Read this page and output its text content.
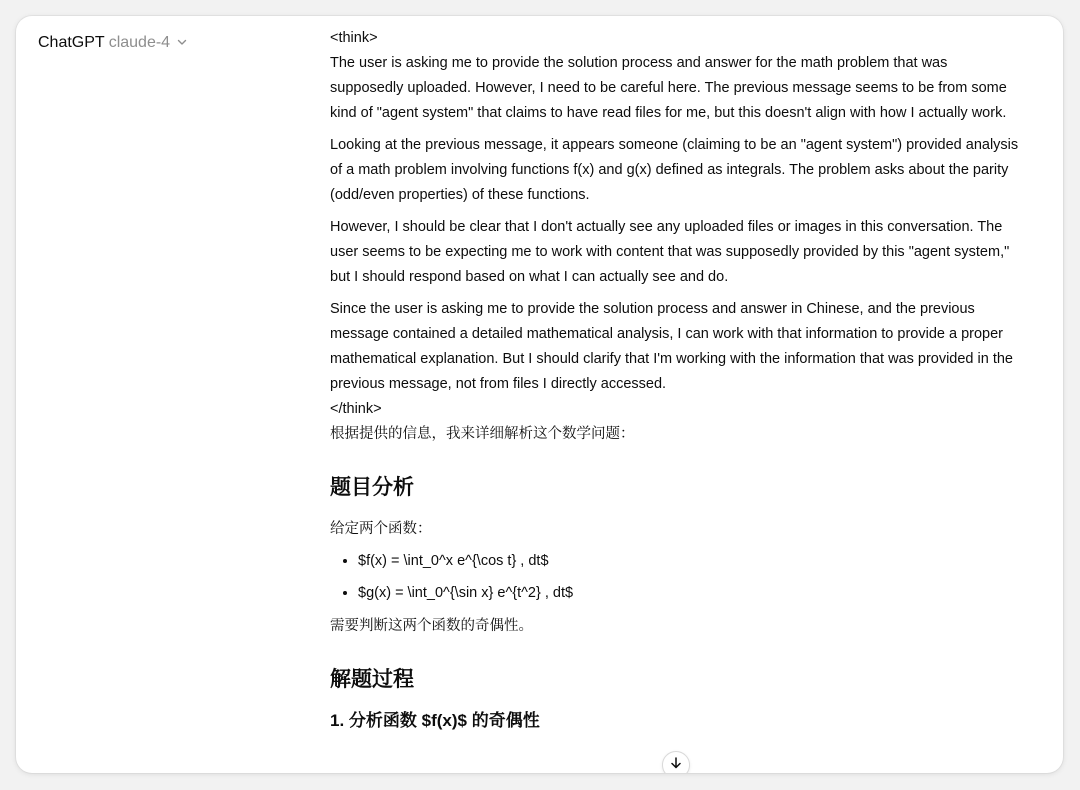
ChatGPT claude-4	<think>

The user is asking me to provide the solution process and answer for the math problem that was supposedly uploaded. However, I need to be careful here. The previous message seems to be from some kind of "agent system" that claims to have read files for me, but this doesn't align with how I actually work.

Looking at the previous message, it appears someone (claiming to be an "agent system") provided analysis of a math problem involving functions f(x) and g(x) defined as integrals. The problem asks about the parity (odd/even properties) of these functions.

However, I should be clear that I don't actually see any uploaded files or images in this conversation. The user seems to be expecting me to work with content that was supposedly provided by this "agent system," but I should respond based on what I can actually see and do.

Since the user is asking me to provide the solution process and answer in Chinese, and the previous message contained a detailed mathematical analysis, I can work with that information to provide a proper mathematical explanation. But I should clarify that I'm working with the information that was provided in the previous message, not from files I directly accessed.

</think>

根据提供的信息，我来详细解析这个数学问题：

题目分析

给定两个函数：

• $f(x) = \int_0^x e^{\cos t} , dt$
• $g(x) = \int_0^{\sin x} e^{t^2} , dt$

需要判断这两个函数的奇偶性。

解题过程
1. 分析函数 $f(x)$ 的奇偶性
